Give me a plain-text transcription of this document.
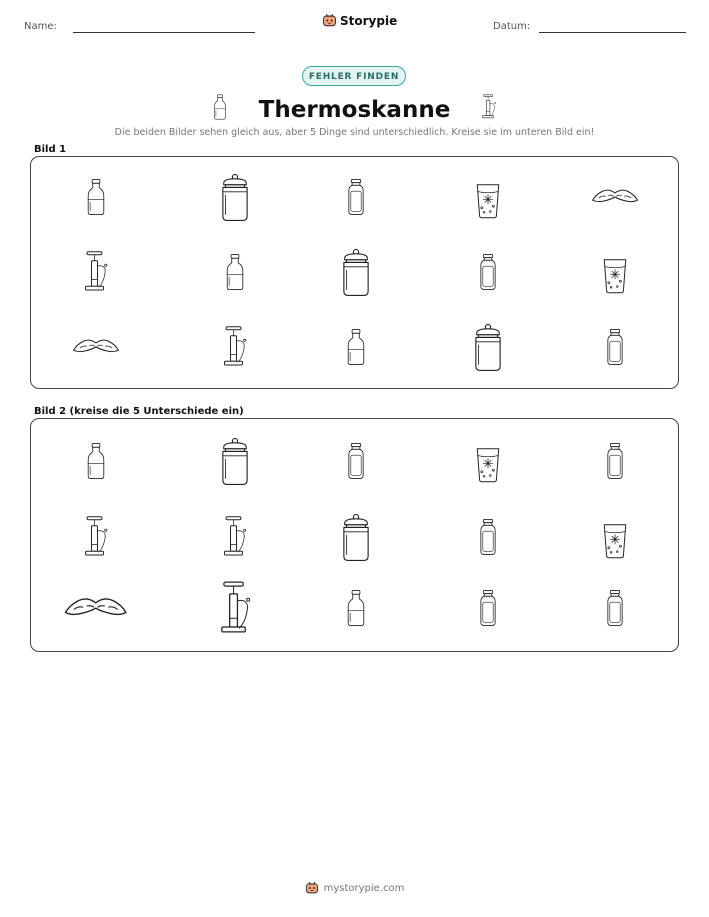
Name:	Storypie	Datum:
FEHLER FINDEN
Thermoskanne
Die beiden Bilder sehen gleich aus, aber 5 Dinge sind unterschiedlich. Kreise sie im unteren Bild ein!
Bild 1
Bild 2 (kreise die 5 Unterschiede ein)
mystorypie.com
